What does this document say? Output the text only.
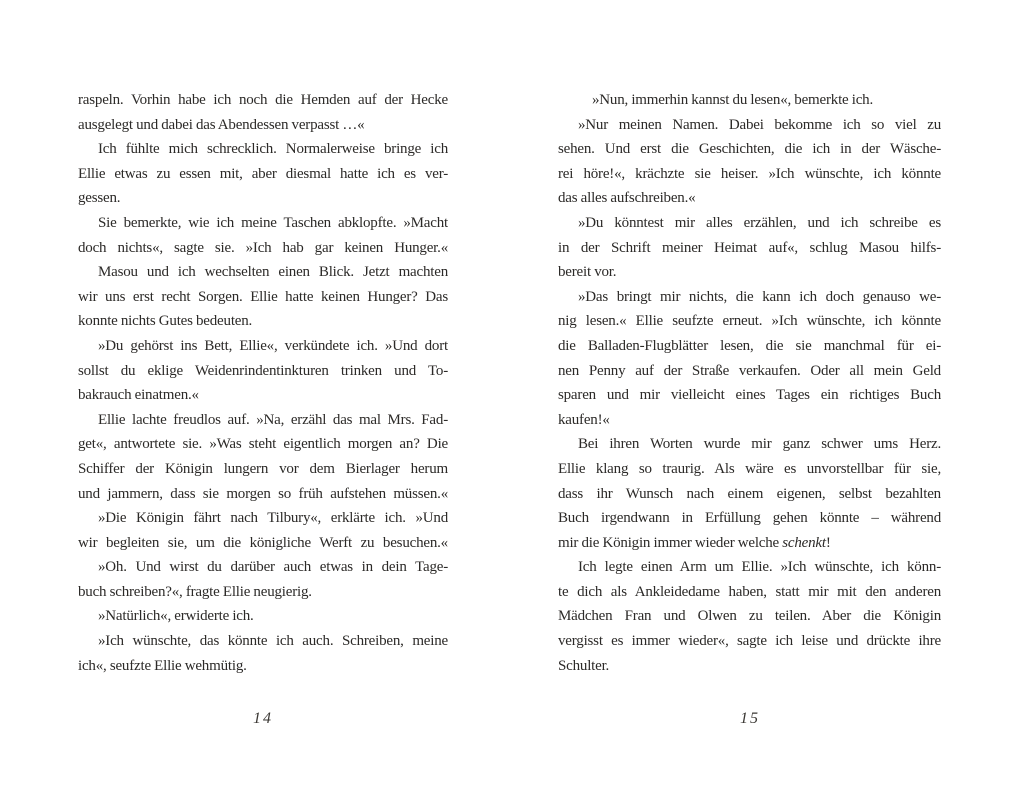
raspeln. Vorhin habe ich noch die Hemden auf der Hecke
ausgelegt und dabei das Abendessen verpasst …«
Ich fühlte mich schrecklich. Normalerweise bringe ich
Ellie etwas zu essen mit, aber diesmal hatte ich es ver-
gessen.
Sie bemerkte, wie ich meine Taschen abklopfte. »Macht
doch nichts«, sagte sie. »Ich hab gar keinen Hunger.«
Masou und ich wechselten einen Blick. Jetzt machten
wir uns erst recht Sorgen. Ellie hatte keinen Hunger? Das
konnte nichts Gutes bedeuten.
»Du gehörst ins Bett, Ellie«, verkündete ich. »Und dort
sollst du eklige Weidenrindentinkturen trinken und To-
bakrauch einatmen.«
Ellie lachte freudlos auf. »Na, erzähl das mal Mrs. Fad-
get«, antwortete sie. »Was steht eigentlich morgen an? Die
Schiffer der Königin lungern vor dem Bierlager herum
und jammern, dass sie morgen so früh aufstehen müssen.«
»Die Königin fährt nach Tilbury«, erklärte ich. »Und
wir begleiten sie, um die königliche Werft zu besuchen.«
»Oh. Und wirst du darüber auch etwas in dein Tage-
buch schreiben?«, fragte Ellie neugierig.
»Natürlich«, erwiderte ich.
»Ich wünschte, das könnte ich auch. Schreiben, meine
ich«, seufzte Ellie wehmütig.
14
»Nun, immerhin kannst du lesen«, bemerkte ich.
»Nur meinen Namen. Dabei bekomme ich so viel zu
sehen. Und erst die Geschichten, die ich in der Wäsche-
rei höre!«, krächzte sie heiser. »Ich wünschte, ich könnte
das alles aufschreiben.«
»Du könntest mir alles erzählen, und ich schreibe es
in der Schrift meiner Heimat auf«, schlug Masou hilfs-
bereit vor.
»Das bringt mir nichts, die kann ich doch genauso we-
nig lesen.« Ellie seufzte erneut. »Ich wünschte, ich könnte
die Balladen-Flugblätter lesen, die sie manchmal für ei-
nen Penny auf der Straße verkaufen. Oder all mein Geld
sparen und mir vielleicht eines Tages ein richtiges Buch
kaufen!«
Bei ihren Worten wurde mir ganz schwer ums Herz.
Ellie klang so traurig. Als wäre es unvorstellbar für sie,
dass ihr Wunsch nach einem eigenen, selbst bezahlten
Buch irgendwann in Erfüllung gehen könnte – während
mir die Königin immer wieder welche schenkt!
Ich legte einen Arm um Ellie. »Ich wünschte, ich könn-
te dich als Ankleidedame haben, statt mir mit den anderen
Mädchen Fran und Olwen zu teilen. Aber die Königin
vergisst es immer wieder«, sagte ich leise und drückte ihre
Schulter.
15
